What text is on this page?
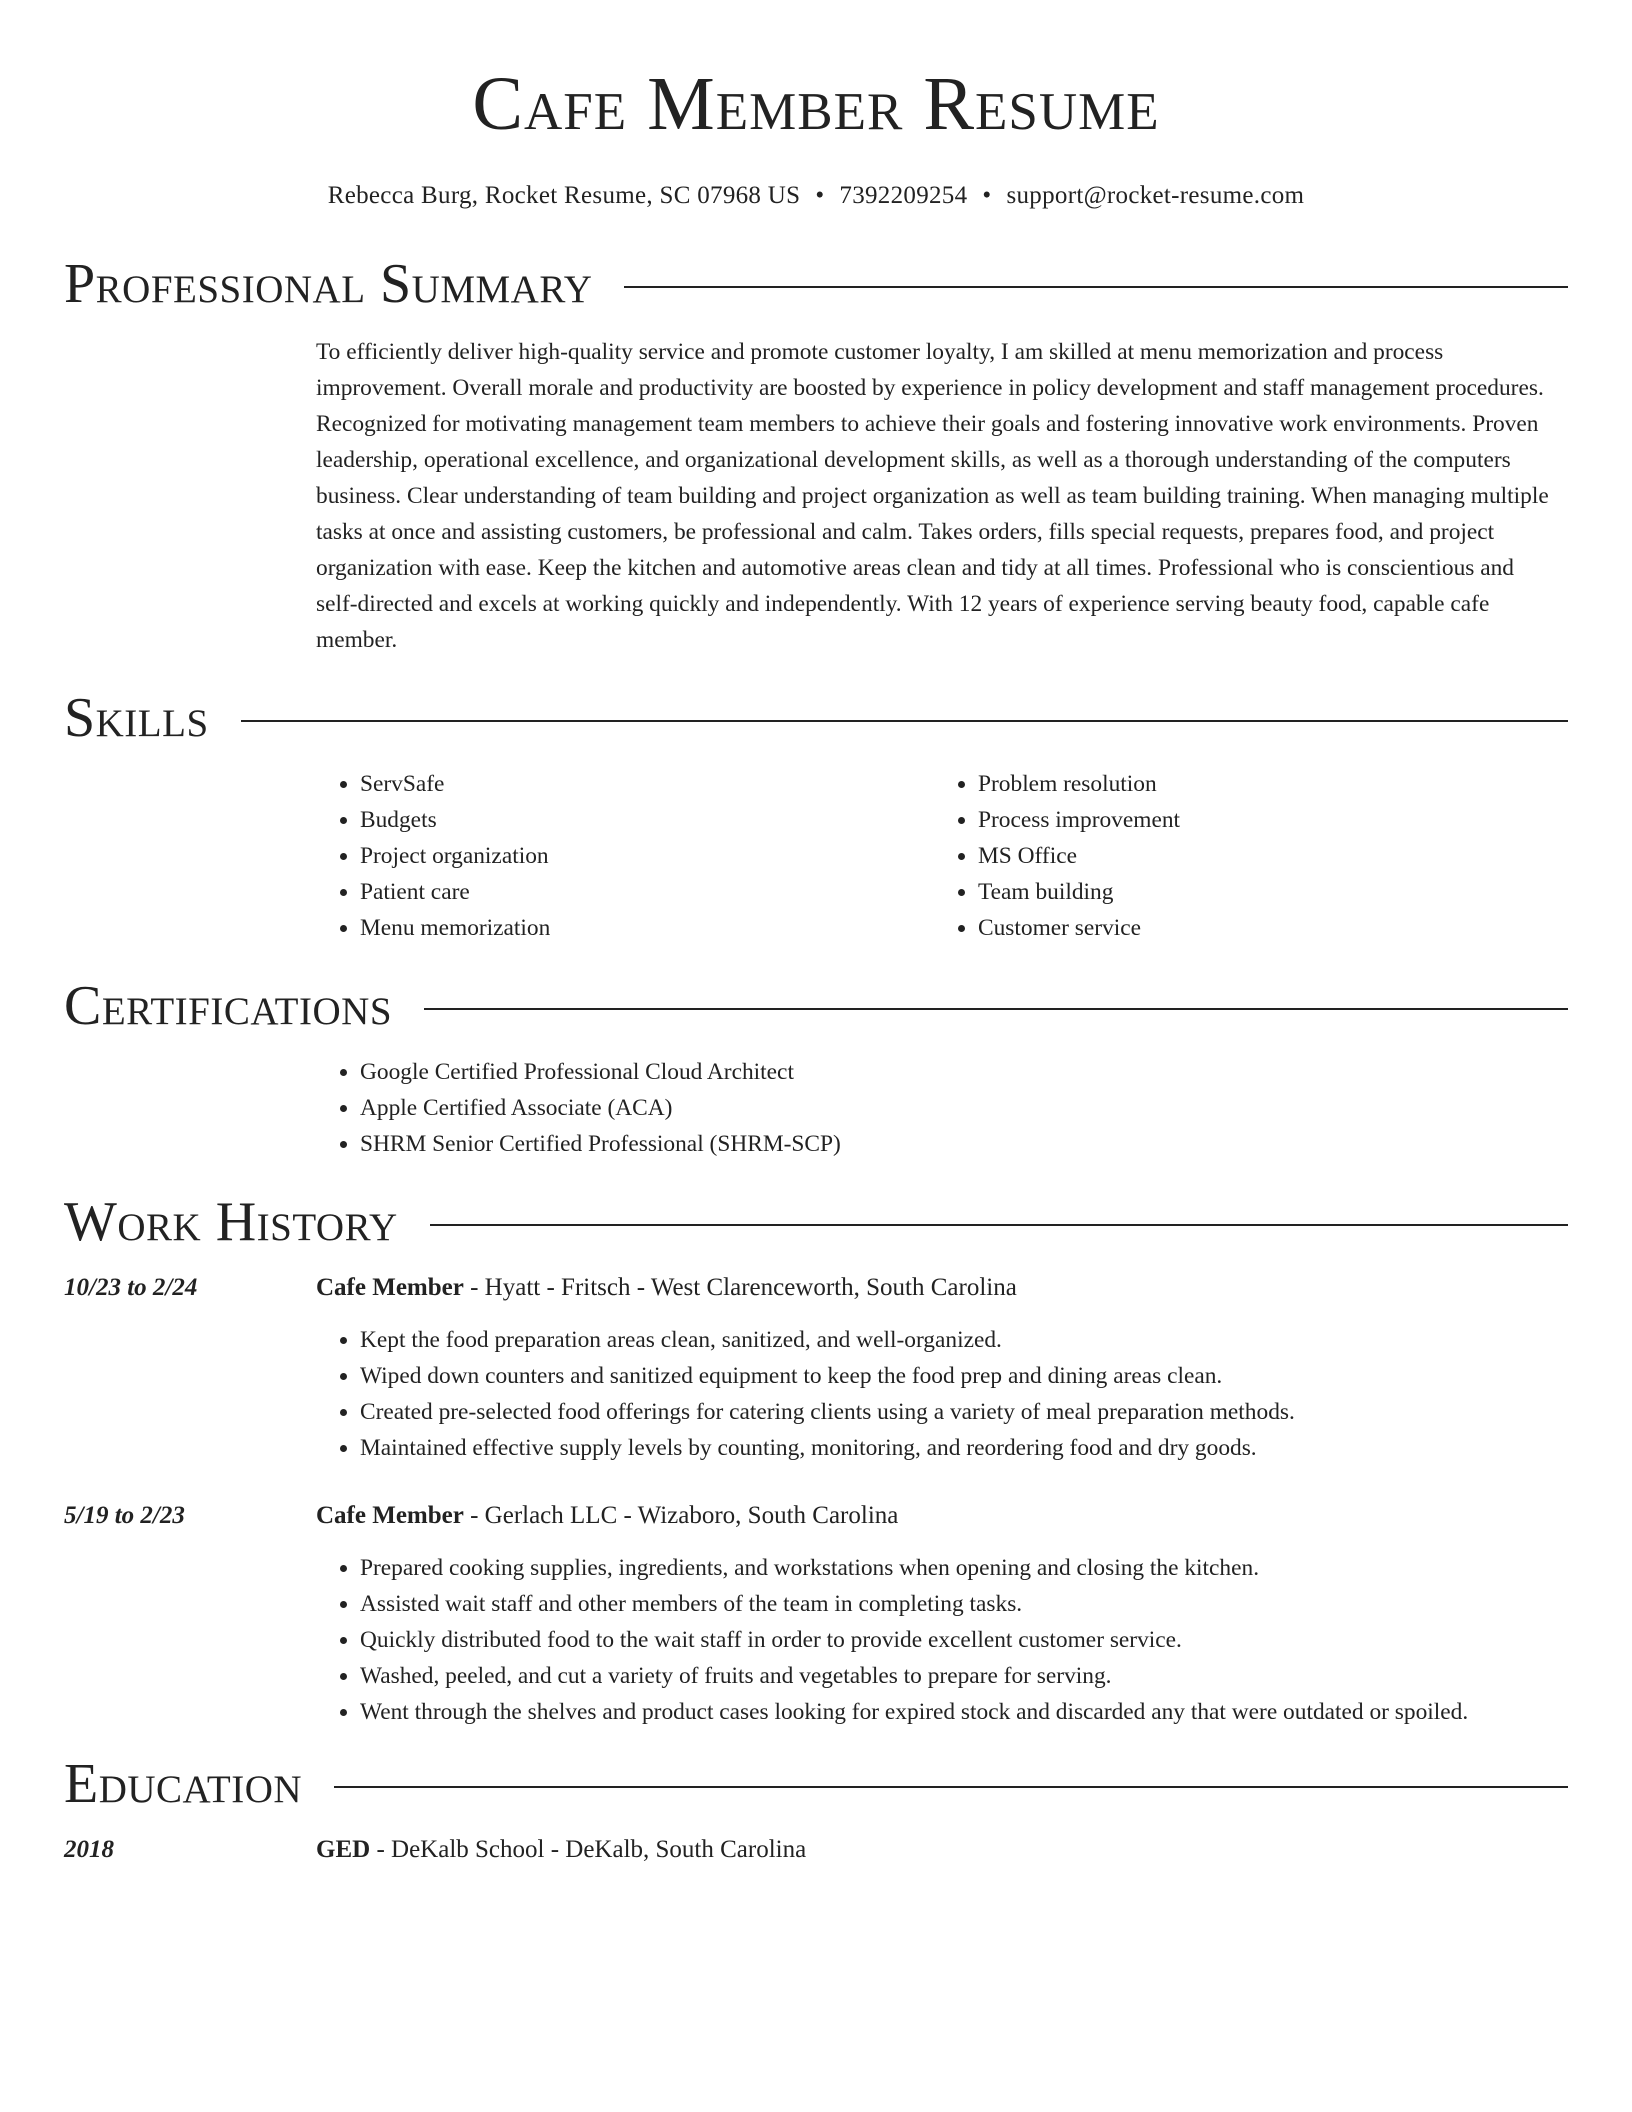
Cafe Member Resume
Rebecca Burg, Rocket Resume, SC 07968 US • 7392209254 • support@rocket-resume.com
Professional Summary
To efficiently deliver high-quality service and promote customer loyalty, I am skilled at menu memorization and process improvement. Overall morale and productivity are boosted by experience in policy development and staff management procedures. Recognized for motivating management team members to achieve their goals and fostering innovative work environments. Proven leadership, operational excellence, and organizational development skills, as well as a thorough understanding of the computers business. Clear understanding of team building and project organization as well as team building training. When managing multiple tasks at once and assisting customers, be professional and calm. Takes orders, fills special requests, prepares food, and project organization with ease. Keep the kitchen and automotive areas clean and tidy at all times. Professional who is conscientious and self-directed and excels at working quickly and independently. With 12 years of experience serving beauty food, capable cafe member.
Skills
• ServSafe
• Budgets
• Project organization
• Patient care
• Menu memorization
• Problem resolution
• Process improvement
• MS Office
• Team building
• Customer service
Certifications
• Google Certified Professional Cloud Architect
• Apple Certified Associate (ACA)
• SHRM Senior Certified Professional (SHRM-SCP)
Work History
10/23 to 2/24	Cafe Member - Hyatt - Fritsch - West Clarenceworth, South Carolina
• Kept the food preparation areas clean, sanitized, and well-organized.
• Wiped down counters and sanitized equipment to keep the food prep and dining areas clean.
• Created pre-selected food offerings for catering clients using a variety of meal preparation methods.
• Maintained effective supply levels by counting, monitoring, and reordering food and dry goods.
5/19 to 2/23	Cafe Member - Gerlach LLC - Wizaboro, South Carolina
• Prepared cooking supplies, ingredients, and workstations when opening and closing the kitchen.
• Assisted wait staff and other members of the team in completing tasks.
• Quickly distributed food to the wait staff in order to provide excellent customer service.
• Washed, peeled, and cut a variety of fruits and vegetables to prepare for serving.
• Went through the shelves and product cases looking for expired stock and discarded any that were outdated or spoiled.
Education
2018	GED - DeKalb School - DeKalb, South Carolina
